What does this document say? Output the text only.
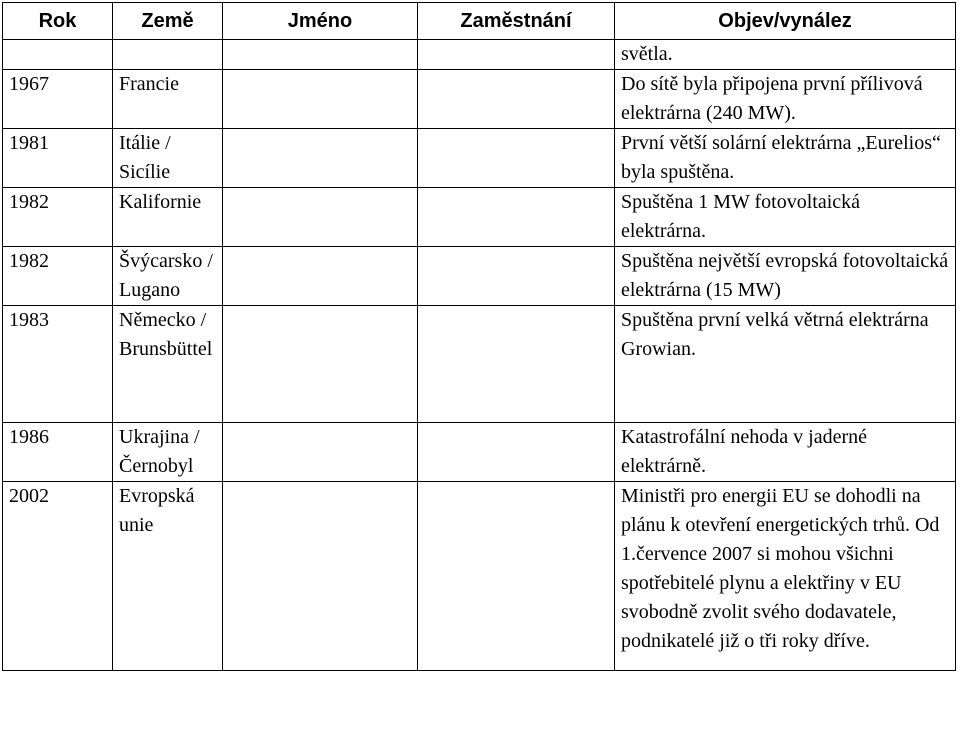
Rok	Země	Jméno	Zaměstnání	Objev/vynález
				světla.
1967	Francie			Do sítě byla připojena první přílivová elektrárna (240 MW).
1981	Itálie / Sicílie			První větší solární elektrárna „Eurelios“ byla spuštěna.
1982	Kalifornie			Spuštěna 1 MW fotovoltaická elektrárna.
1982	Švýcarsko / Lugano			Spuštěna největší evropská fotovoltaická elektrárna (15 MW)
1983	Německo / Brunsbüttel			Spuštěna první velká větrná elektrárna Growian.
1986	Ukrajina / Černobyl			Katastrofální nehoda v jaderné elektrárně.
2002	Evropská unie			Ministři pro energii EU se dohodli na plánu k otevření energetických trhů. Od 1.července 2007 si mohou všichni spotřebitelé plynu a elektřiny v EU svobodně zvolit svého dodavatele, podnikatelé již o tři roky dříve.
